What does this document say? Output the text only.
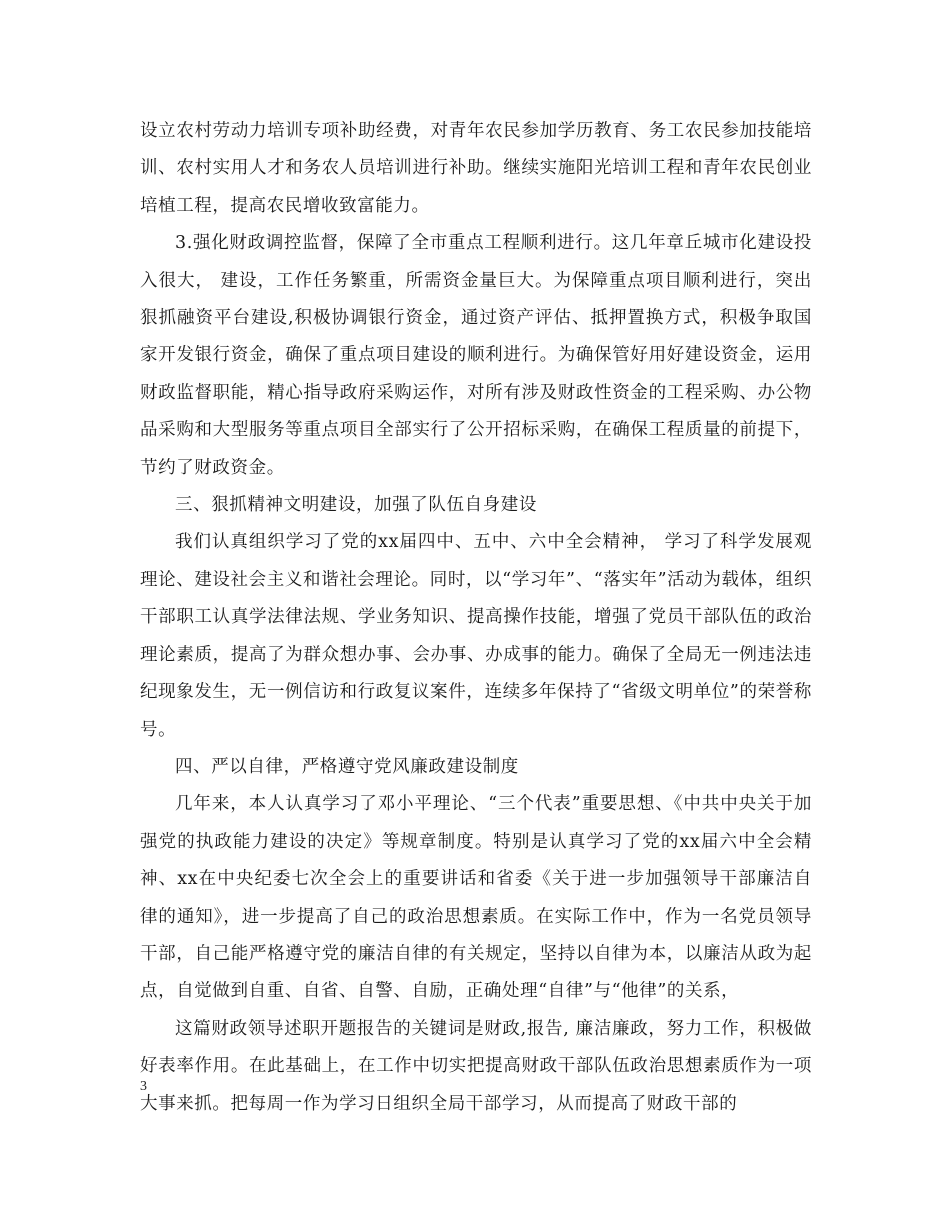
设立农村劳动力培训专项补助经费，对青年农民参加学历教育、务工农民参加技能培训、农村实用人才和务农人员培训进行补助。继续实施阳光培训工程和青年农民创业培植工程，提高农民增收致富能力。

3.强化财政调控监督，保障了全市重点工程顺利进行。这几年章丘城市化建设投入很大， 建设，工作任务繁重，所需资金量巨大。为保障重点项目顺利进行，突出狠抓融资平台建设,积极协调银行资金，通过资产评估、抵押置换方式，积极争取国家开发银行资金，确保了重点项目建设的顺利进行。为确保管好用好建设资金，运用财政监督职能，精心指导政府采购运作，对所有涉及财政性资金的工程采购、办公物品采购和大型服务等重点项目全部实行了公开招标采购，在确保工程质量的前提下，节约了财政资金。

三、狠抓精神文明建设，加强了队伍自身建设

我们认真组织学习了党的xx届四中、五中、六中全会精神， 学习了科学发展观理论、建设社会主义和谐社会理论。同时，以“学习年”、“落实年”活动为载体，组织干部职工认真学法律法规、学业务知识、提高操作技能，增强了党员干部队伍的政治理论素质，提高了为群众想办事、会办事、办成事的能力。确保了全局无一例违法违纪现象发生，无一例信访和行政复议案件，连续多年保持了“省级文明单位”的荣誉称号。

四、严以自律，严格遵守党风廉政建设制度

几年来，本人认真学习了邓小平理论、“三个代表”重要思想、《中共中央关于加强党的执政能力建设的决定》等规章制度。特别是认真学习了党的xx届六中全会精神、xx在中央纪委七次全会上的重要讲话和省委《关于进一步加强领导干部廉洁自律的通知》，进一步提高了自己的政治思想素质。在实际工作中，作为一名党员领导干部，自己能严格遵守党的廉洁自律的有关规定，坚持以自律为本，以廉洁从政为起点，自觉做到自重、自省、自警、自励，正确处理“自律”与“他律”的关系，

这篇财政领导述职开题报告的关键词是财政,报告, 廉洁廉政，努力工作，积极做好表率作用。在此基础上，在工作中切实把提高财政干部队伍政治思想素质作为一项大事来抓。把每周一作为学习日组织全局干部学习，从而提高了财政干部的

3
